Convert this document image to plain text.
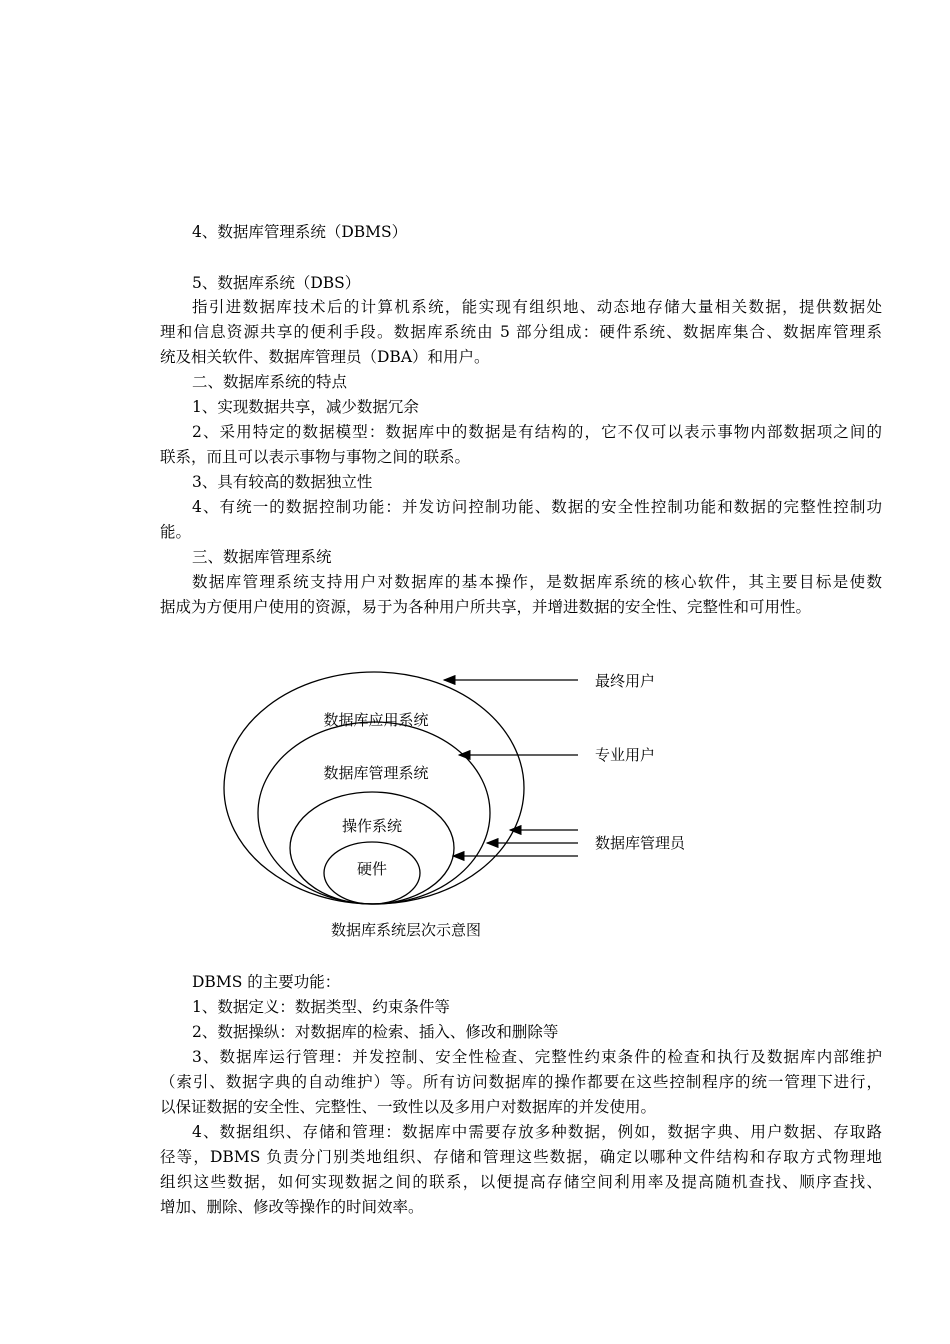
4、数据库管理系统（DBMS）
5、数据库系统（DBS）
指引进数据库技术后的计算机系统，能实现有组织地、动态地存储大量相关数据，提供数据处
理和信息资源共享的便利手段。数据库系统由 5 部分组成：硬件系统、数据库集合、数据库管理系
统及相关软件、数据库管理员（DBA）和用户。
二、数据库系统的特点
1、实现数据共享，减少数据冗余
2、采用特定的数据模型：数据库中的数据是有结构的，它不仅可以表示事物内部数据项之间的
联系，而且可以表示事物与事物之间的联系。
3、具有较高的数据独立性
4、有统一的数据控制功能：并发访问控制功能、数据的安全性控制功能和数据的完整性控制功
能。
三、数据库管理系统
数据库管理系统支持用户对数据库的基本操作，是数据库系统的核心软件，其主要目标是使数
据成为方便用户使用的资源，易于为各种用户所共享，并增进数据的安全性、完整性和可用性。
数据库应用系统
数据库管理系统
操作系统
硬件
最终用户
专业用户
数据库管理员
数据库系统层次示意图
DBMS 的主要功能：
1、数据定义：数据类型、约束条件等
2、数据操纵：对数据库的检索、插入、修改和删除等
3、数据库运行管理：并发控制、安全性检查、完整性约束条件的检查和执行及数据库内部维护
（索引、数据字典的自动维护）等。所有访问数据库的操作都要在这些控制程序的统一管理下进行，
以保证数据的安全性、完整性、一致性以及多用户对数据库的并发使用。
4、数据组织、存储和管理：数据库中需要存放多种数据，例如，数据字典、用户数据、存取路
径等，DBMS 负责分门别类地组织、存储和管理这些数据，确定以哪种文件结构和存取方式物理地
组织这些数据，如何实现数据之间的联系，以便提高存储空间利用率及提高随机查找、顺序查找、
增加、删除、修改等操作的时间效率。
